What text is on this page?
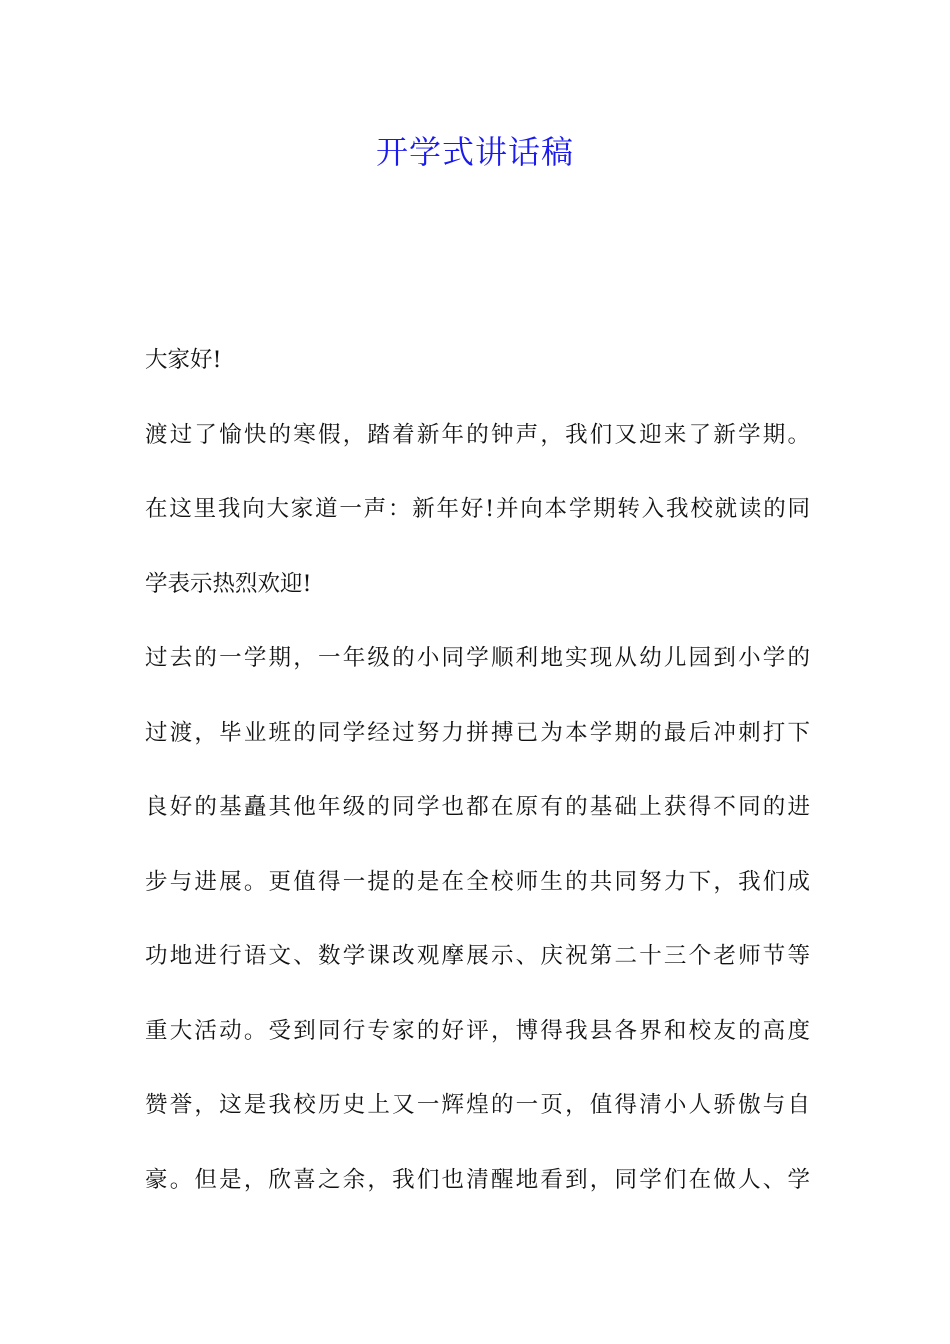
开学式讲话稿
大家好!
渡过了愉快的寒假，踏着新年的钟声，我们又迎来了新学期。
在这里我向大家道一声：新年好!并向本学期转入我校就读的同
学表示热烈欢迎!
过去的一学期，一年级的小同学顺利地实现从幼儿园到小学的
过渡，毕业班的同学经过努力拼搏已为本学期的最后冲刺打下
良好的基矗其他年级的同学也都在原有的基础上获得不同的进
步与进展。更值得一提的是在全校师生的共同努力下，我们成
功地进行语文、数学课改观摩展示、庆祝第二十三个老师节等
重大活动。受到同行专家的好评，博得我县各界和校友的高度
赞誉，这是我校历史上又一辉煌的一页，值得清小人骄傲与自
豪。但是，欣喜之余，我们也清醒地看到，同学们在做人、学
